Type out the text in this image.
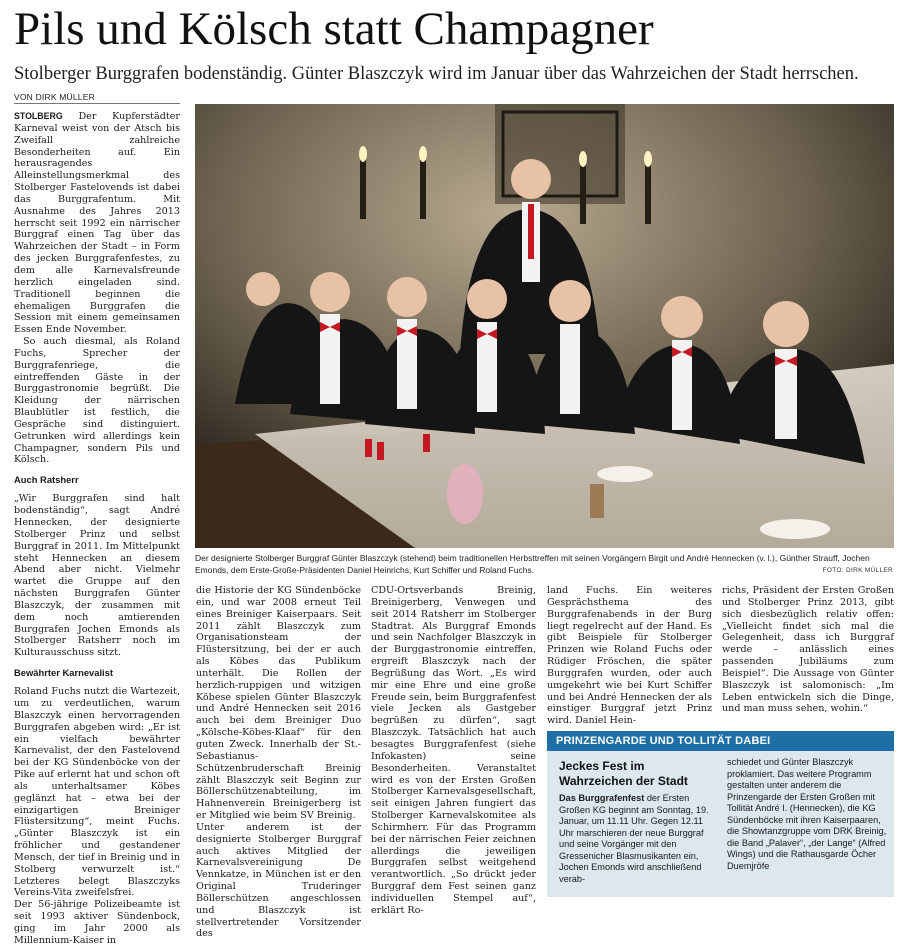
Pils und Kölsch statt Champagner
Stolberger Burggrafen bodenständig. Günter Blaszczyk wird im Januar über das Wahrzeichen der Stadt herrschen.
VON DIRK MÜLLER

STOLBERG Der Kupferstädter Karneval weist von der Atsch bis Zweifall zahlreiche Besonderheiten auf. Ein herausragendes Alleinstellungsmerkmal des Stolberger Fastelovends ist dabei das Burggrafentum. Mit Ausnahme des Jahres 2013 herrscht seit 1992 ein närrischer Burggraf einen Tag über das Wahrzeichen der Stadt – in Form des jecken Burggrafenfestes, zu dem alle Karnevalsfreunde herzlich eingeladen sind. Traditionell beginnen die ehemaligen Burggrafen die Session mit einem gemeinsamen Essen Ende November.

So auch diesmal, als Roland Fuchs, Sprecher der Burggrafenriege, die eintreffenden Gäste in der Burggastronomie begrüßt. Die Kleidung der närrischen Blaublütler ist festlich, die Gespräche sind distinguiert. Getrunken wird allerdings kein Champagner, sondern Pils und Kölsch.

Auch Ratsherr

„Wir Burggrafen sind halt bodenständig“, sagt André Hennecken, der designierte Stolberger Prinz und selbst Burggraf in 2011. Im Mittelpunkt steht Hennecken an diesem Abend aber nicht. Vielmehr wartet die Gruppe auf den nächsten Burggrafen Günter Blaszczyk, der zusammen mit dem noch amtierenden Burggrafen Jochen Emonds als Stolberger Ratsherr noch im Kulturausschuss sitzt.

Bewährter Karnevalist

Roland Fuchs nutzt die Wartezeit, um zu verdeutlichen, warum Blaszczyk einen hervorragenden Burggrafen abgeben wird: „Er ist ein vielfach bewährter Karnevalist, der den Fastelovend bei der KG Sündenböcke von der Pike auf erlernt hat und schon oft als unterhaltsamer Köbes geglänzt hat – etwa bei der einzigartigen Breiniger Flüstersitzung“, meint Fuchs. „Günter Blaszczyk ist ein fröhlicher und gestandener Mensch, der tief in Breinig und in Stolberg verwurzelt ist.“ Letzteres belegt Blaszczyks Vereins-Vita zweifelsfrei.

Der 56-jährige Polizeibeamte ist seit 1993 aktiver Sündenbock, ging im Jahr 2000 als Millennium-Kaiser in

Der designierte Stolberger Burggraf Günter Blaszczyk (stehend) beim traditionellen Herbsttreffen mit seinen Vorgängern Birgit und André Hennecken (v. l.), Günther Strauff, Jochen Emonds, dem Erste-Große-Präsidenten Daniel Heinrichs, Kurt Schiffer und Roland Fuchs.	FOTO: DIRK MÜLLER

die Historie der KG Sündenböcke ein, und war 2008 erneut Teil eines Breiniger Kaiserpaars. Seit 2011 zählt Blaszczyk zum Organisationsteam der Flüstersitzung, bei der er auch als Köbes das Publikum unterhält. Die Rollen der herzlich-ruppigen und witzigen Köbese spielen Günter Blaszczyk und André Hennecken seit 2016 auch bei dem Breiniger Duo „Kölsche-Köbes-Klaaf“ für den guten Zweck. Innerhalb der St.-Sebastianus-Schützenbruderschaft Breinig zählt Blaszczyk seit Beginn zur Böllerschützenabteilung, im Hahnenverein Breinigerberg ist er Mitglied wie beim SV Breinig.

Unter anderem ist der designierte Stolberger Burggraf auch aktives Mitglied der Karnevalsvereinigung De Vennkatze, in München ist er den Original Truderinger Böllerschützen angeschlossen und Blaszczyk ist stellvertretender Vorsitzender des

CDU-Ortsverbands Breinig, Breinigerberg, Venwegen und seit 2014 Ratsherr im Stolberger Stadtrat. Als Burggraf Emonds und sein Nachfolger Blaszczyk in der Burggastronomie eintreffen, ergreift Blaszczyk nach der Begrüßung das Wort. „Es wird mir eine Ehre und eine große Freude sein, beim Burggrafenfest viele Jecken als Gastgeber begrüßen zu dürfen“, sagt Blaszczyk. Tatsächlich hat auch besagtes Burggrafenfest (siehe Infokasten) seine Besonderheiten. Veranstaltet wird es von der Ersten Großen Stolberger Karnevalsgesellschaft, seit einigen Jahren fungiert das Stolberger Karnevalskomitee als Schirmherr. Für das Programm bei der närrischen Feier zeichnen allerdings die jeweiligen Burggrafen selbst weitgehend verantwortlich. „So drückt jeder Burggraf dem Fest seinen ganz individuellen Stempel auf“, erklärt Ro-

land Fuchs. Ein weiteres Gesprächsthema des Burggrafenabends in der Burg liegt regelrecht auf der Hand. Es gibt Beispiele für Stolberger Prinzen wie Roland Fuchs oder Rüdiger Fröschen, die später Burggrafen wurden, oder auch umgekehrt wie bei Kurt Schiffer und bei André Hennecken der als einstiger Burggraf jetzt Prinz wird. Daniel Hein-

richs, Präsident der Ersten Großen und Stolberger Prinz 2013, gibt sich diesbezüglich relativ offen: „Vielleicht findet sich mal die Gelegenheit, dass ich Burggraf werde – anlässlich eines passenden Jubiläums zum Beispiel“. Die Aussage von Günter Blaszczyk ist salomonisch: „Im Leben entwickeln sich die Dinge, und man muss sehen, wohin.“

PRINZENGARDE UND TOLLITÄT DABEI
Jeckes Fest im Wahrzeichen der Stadt
Das Burggrafenfest der Ersten Großen KG beginnt am Sonntag, 19. Januar, um 11.11 Uhr. Gegen 12.11 Uhr marschieren der neue Burggraf und seine Vorgänger mit den Gressenicher Blasmusikanten ein, Jochen Emonds wird anschließend verab-
schiedet und Günter Blaszczyk proklamiert. Das weitere Programm gestalten unter anderem die Prinzengarde der Ersten Großen mit Tollität André I. (Hennecken), die KG Sündenböcke mit ihren Kaiserpaaren, die Showtanzgruppe vom DRK Breinig, die Band „Palaver“, „der Lange“ (Alfred Wings) und die Rathausgarde Öcher Duemjröfe
